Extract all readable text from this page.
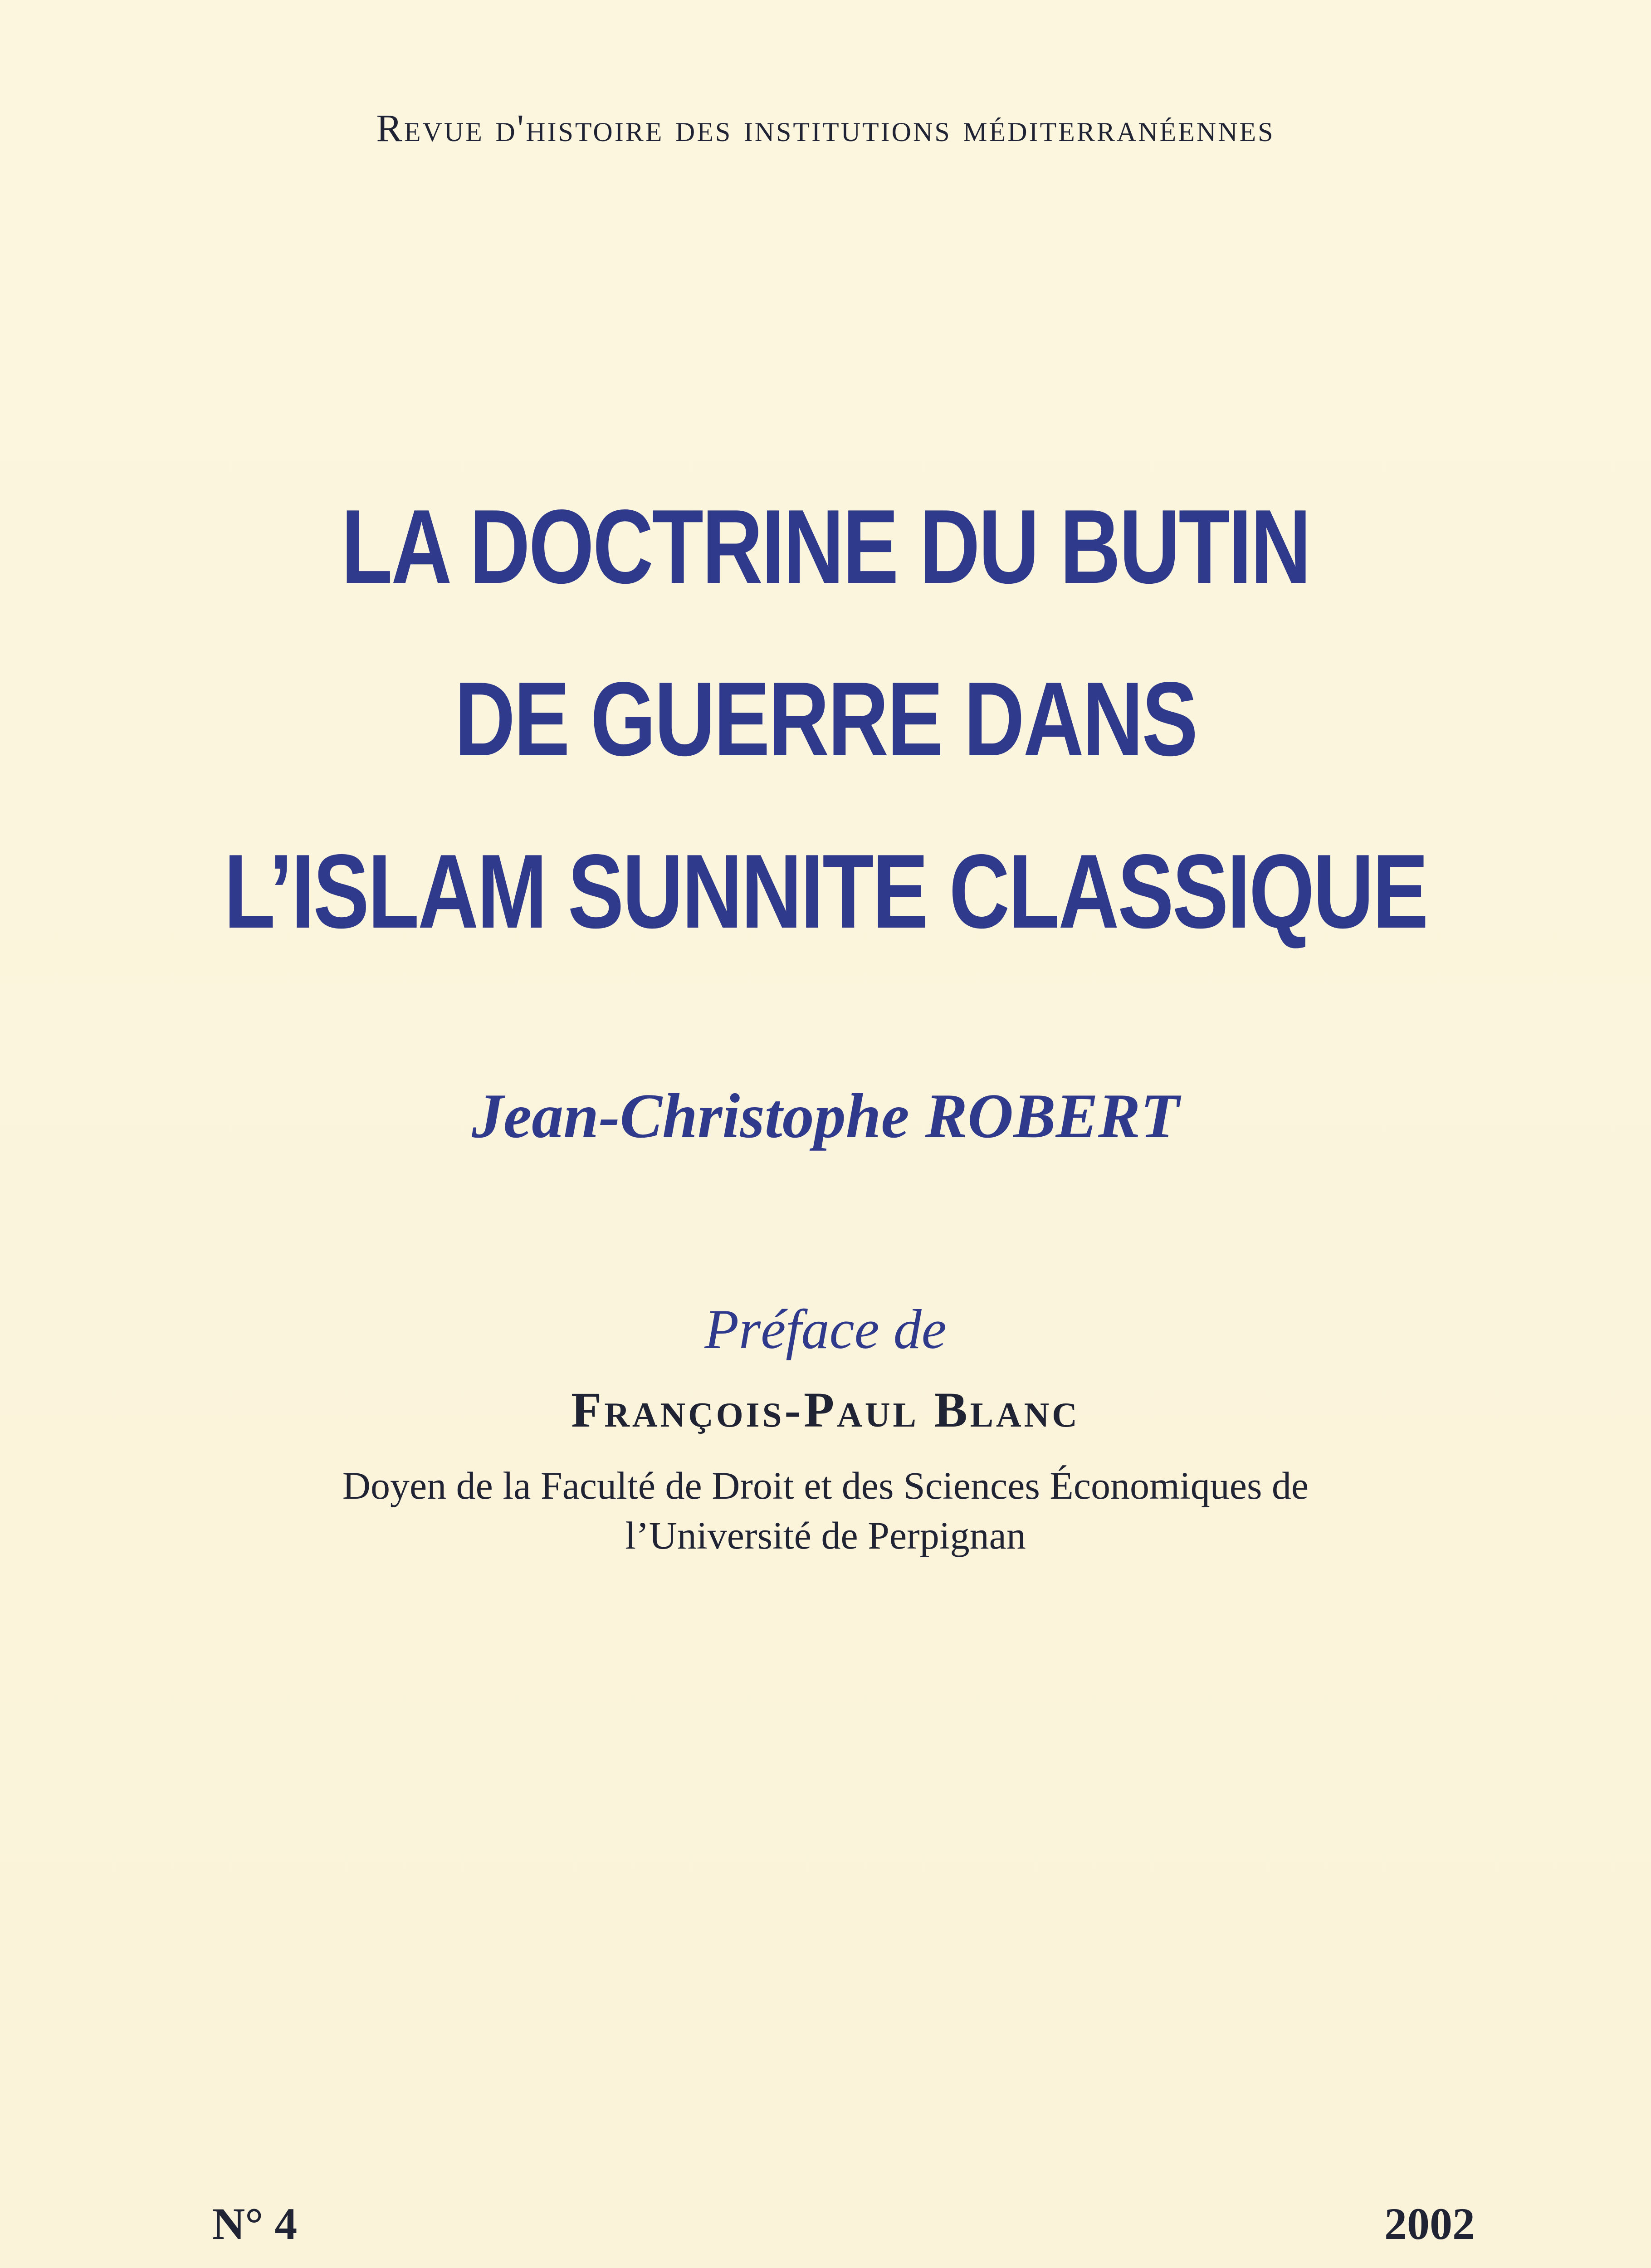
Revue d'histoire des institutions méditerranéennes
LA DOCTRINE DU BUTIN
DE GUERRE DANS
L’ISLAM SUNNITE CLASSIQUE
Jean-Christophe ROBERT
Préface de
François-Paul Blanc
Doyen de la Faculté de Droit et des Sciences Économiques de
l’Université de Perpignan
N° 4	2002
